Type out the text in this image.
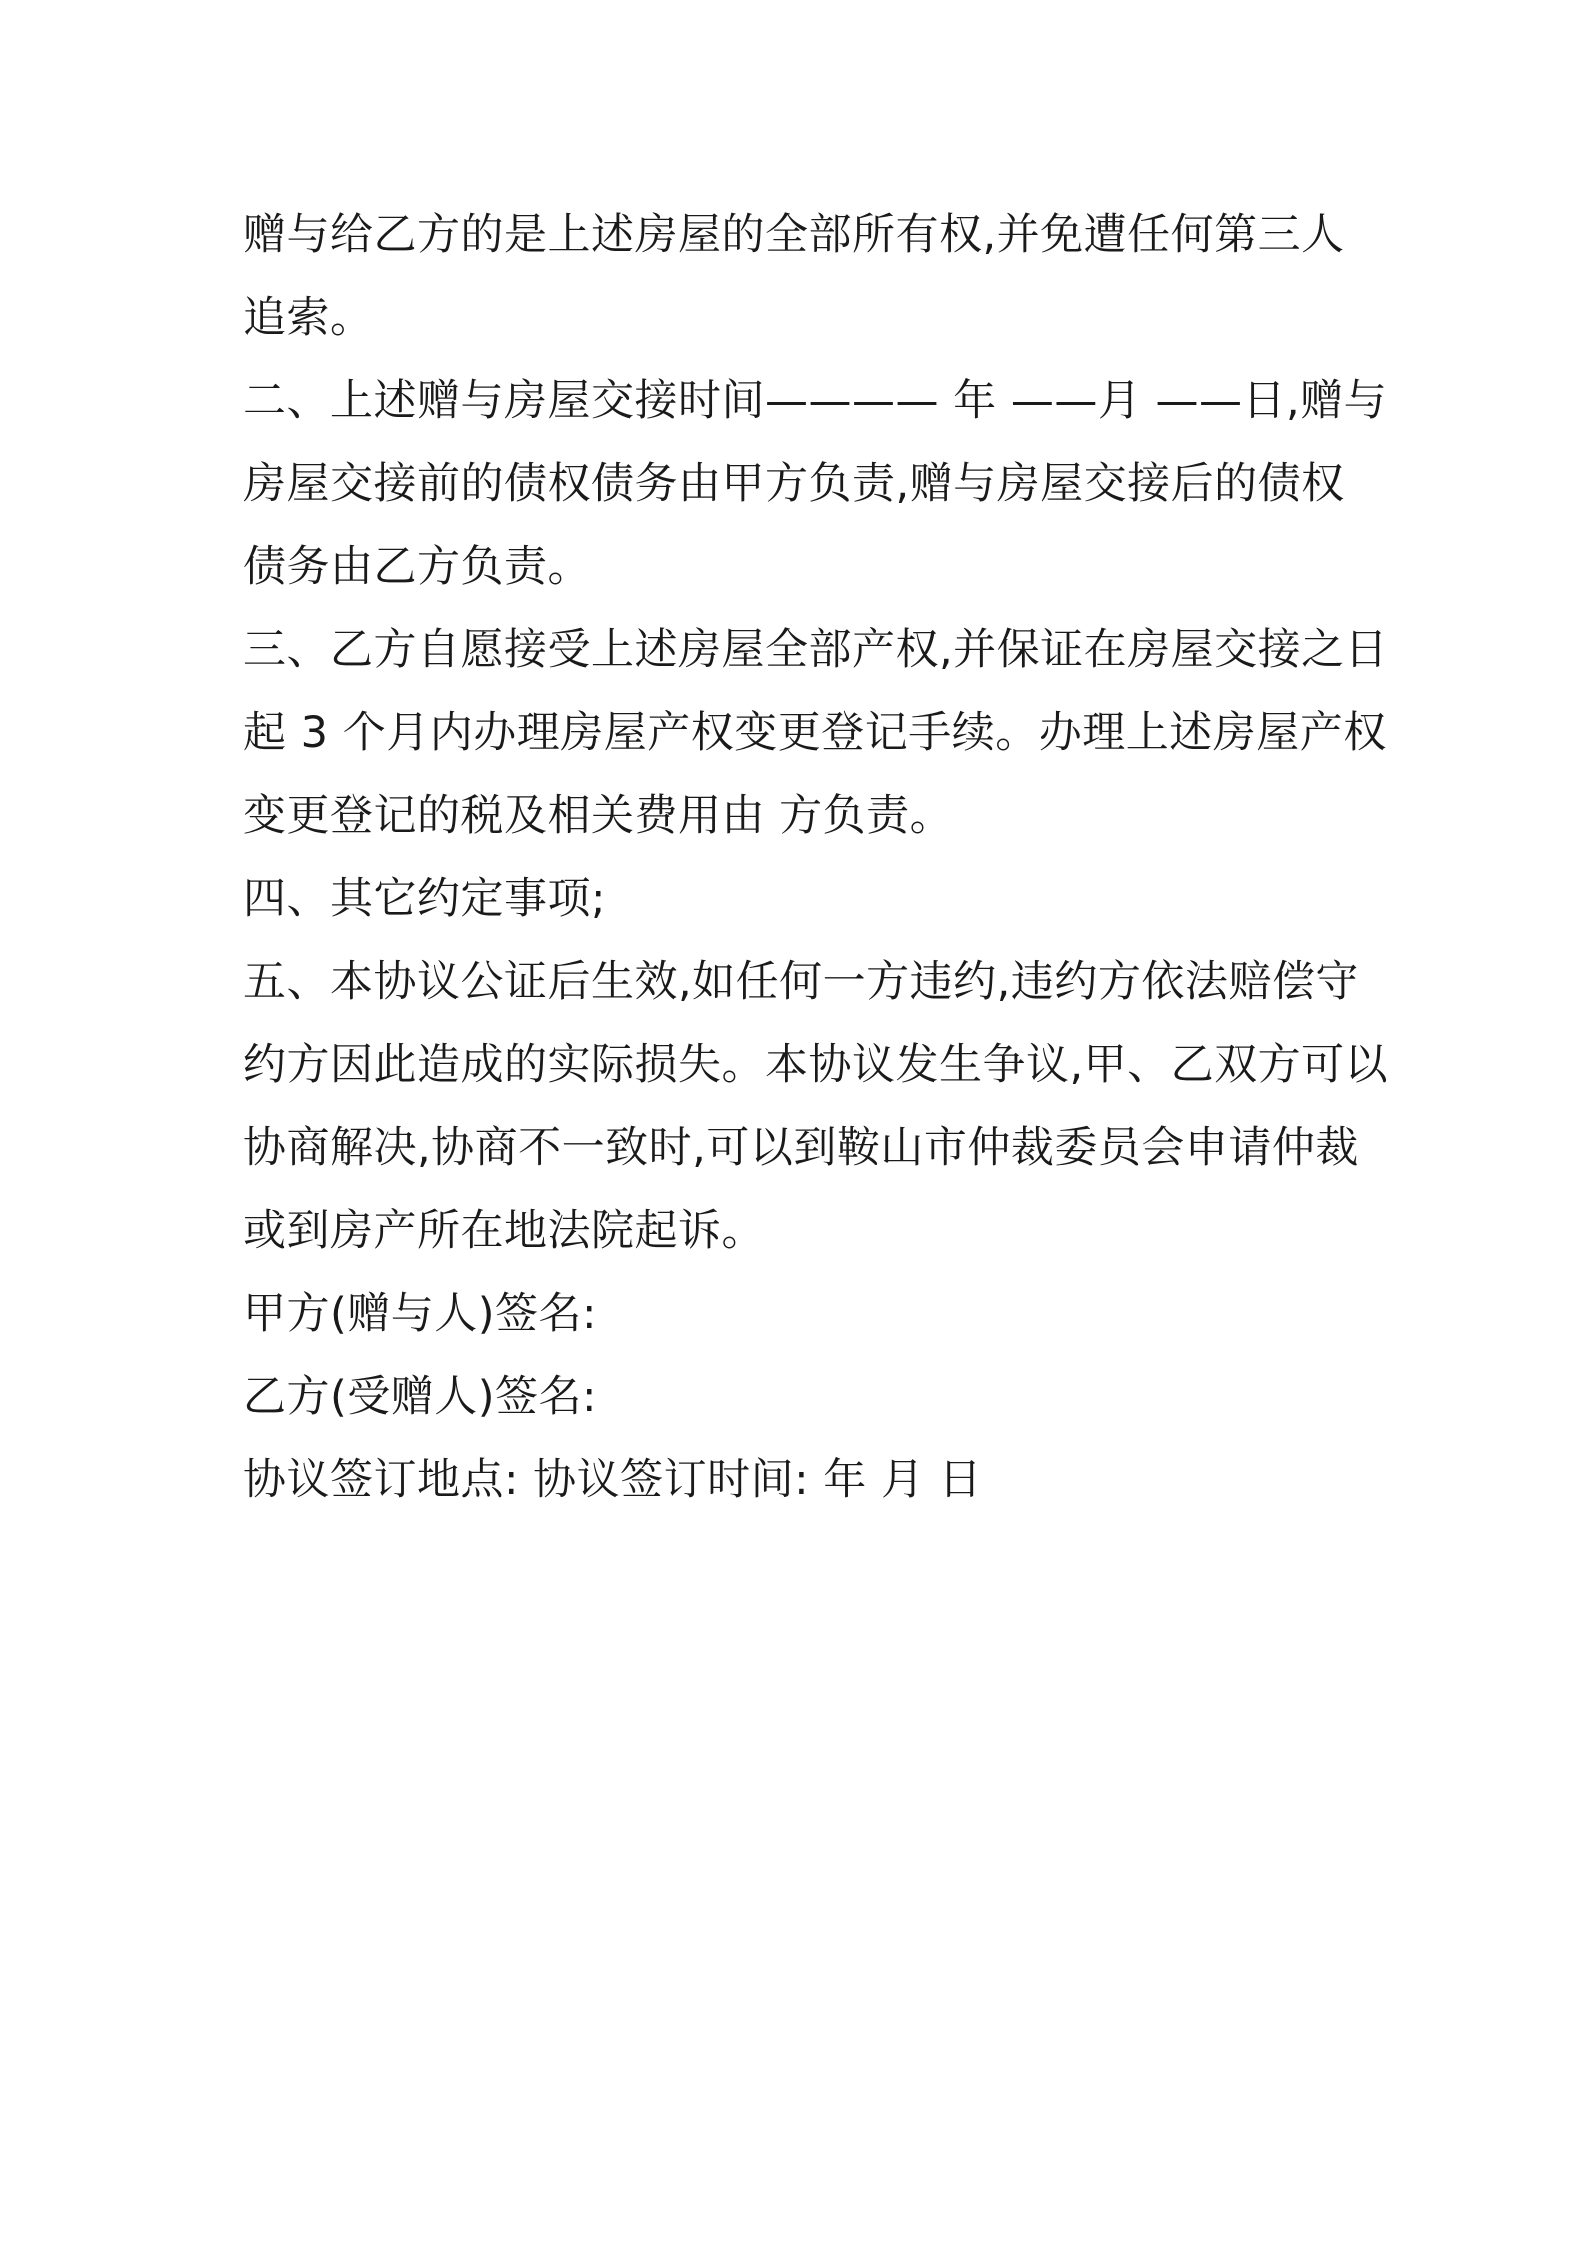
赠与给乙方的是上述房屋的全部所有权,并免遭任何第三人
追索。
二、上述赠与房屋交接时间———— 年 ——月 ——日,赠与
房屋交接前的债权债务由甲方负责,赠与房屋交接后的债权
债务由乙方负责。
三、乙方自愿接受上述房屋全部产权,并保证在房屋交接之日
起 3 个月内办理房屋产权变更登记手续。办理上述房屋产权
变更登记的税及相关费用由 方负责。
四、其它约定事项;
五、本协议公证后生效,如任何一方违约,违约方依法赔偿守
约方因此造成的实际损失。本协议发生争议,甲、乙双方可以
协商解决,协商不一致时,可以到鞍山市仲裁委员会申请仲裁
或到房产所在地法院起诉。
甲方(赠与人)签名:
乙方(受赠人)签名:
协议签订地点: 协议签订时间: 年 月 日
